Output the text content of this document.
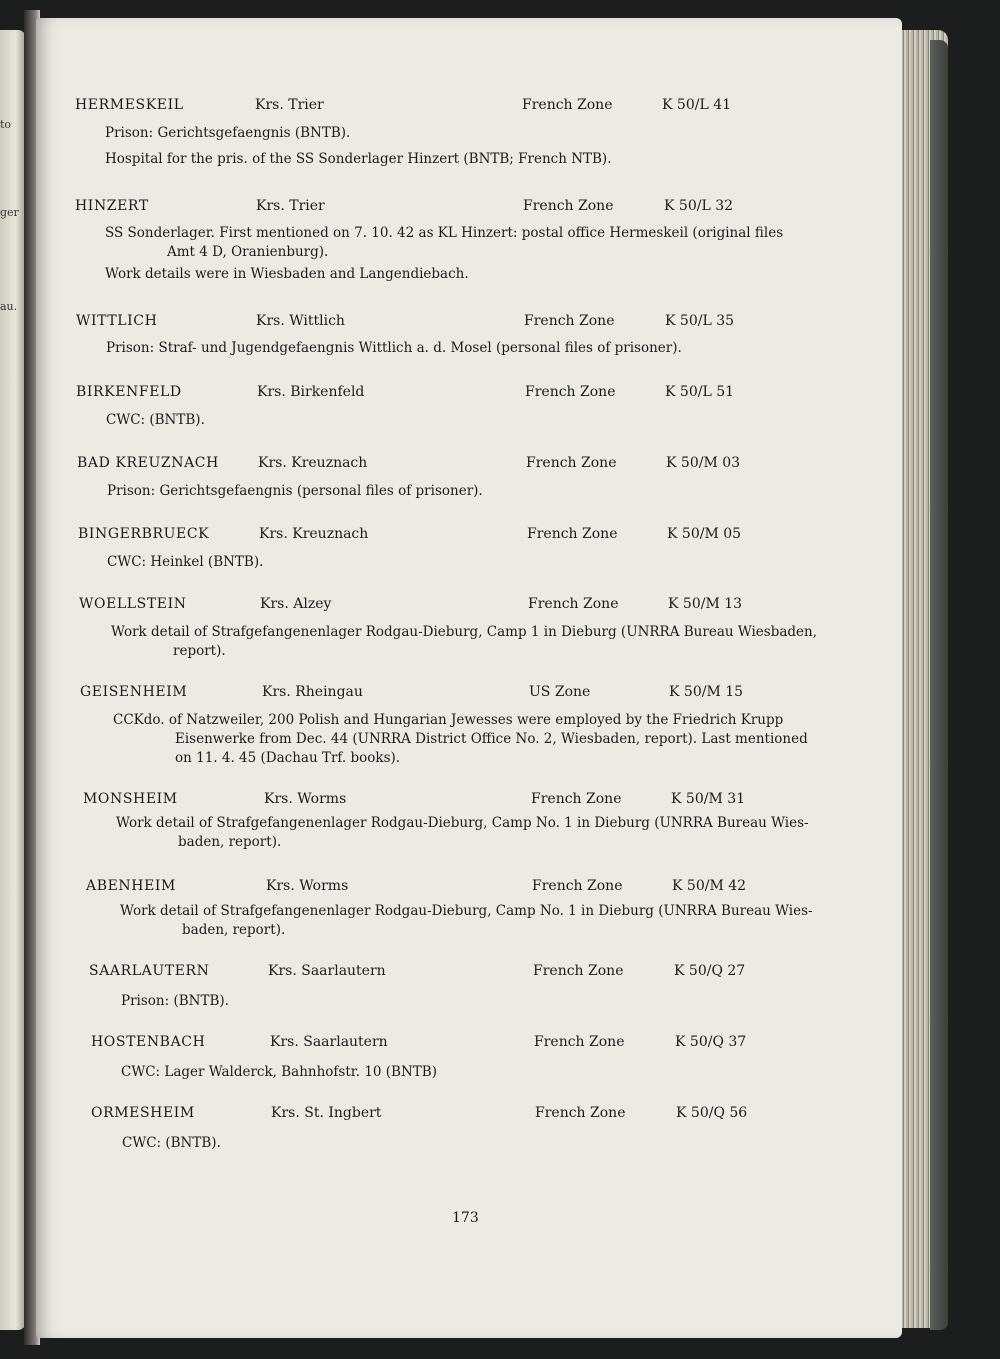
to
ger
au.
HERMESKEIL	Krs. Trier	French Zone	K 50/L 41
Prison: Gerichtsgefaengnis (BNTB).
Hospital for the pris. of the SS Sonderlager Hinzert (BNTB; French NTB).
HINZERT	Krs. Trier	French Zone	K 50/L 32
SS Sonderlager. First mentioned on 7. 10. 42 as KL Hinzert: postal office Hermeskeil (original files
Amt 4 D, Oranienburg).
Work details were in Wiesbaden and Langendiebach.
WITTLICH	Krs. Wittlich	French Zone	K 50/L 35
Prison: Straf- und Jugendgefaengnis Wittlich a. d. Mosel (personal files of prisoner).
BIRKENFELD	Krs. Birkenfeld	French Zone	K 50/L 51
CWC: (BNTB).
BAD KREUZNACH	Krs. Kreuznach	French Zone	K 50/M 03
Prison: Gerichtsgefaengnis (personal files of prisoner).
BINGERBRUECK	Krs. Kreuznach	French Zone	K 50/M 05
CWC: Heinkel (BNTB).
WOELLSTEIN	Krs. Alzey	French Zone	K 50/M 13
Work detail of Strafgefangenenlager Rodgau-Dieburg, Camp 1 in Dieburg (UNRRA Bureau Wiesbaden,
report).
GEISENHEIM	Krs. Rheingau	US Zone	K 50/M 15
CCKdo. of Natzweiler, 200 Polish and Hungarian Jewesses were employed by the Friedrich Krupp
Eisenwerke from Dec. 44 (UNRRA District Office No. 2, Wiesbaden, report). Last mentioned
on 11. 4. 45 (Dachau Trf. books).
MONSHEIM	Krs. Worms	French Zone	K 50/M 31
Work detail of Strafgefangenenlager Rodgau-Dieburg, Camp No. 1 in Dieburg (UNRRA Bureau Wies-
baden, report).
ABENHEIM	Krs. Worms	French Zone	K 50/M 42
Work detail of Strafgefangenenlager Rodgau-Dieburg, Camp No. 1 in Dieburg (UNRRA Bureau Wies-
baden, report).
SAARLAUTERN	Krs. Saarlautern	French Zone	K 50/Q 27
Prison: (BNTB).
HOSTENBACH	Krs. Saarlautern	French Zone	K 50/Q 37
CWC: Lager Walderck, Bahnhofstr. 10 (BNTB)
ORMESHEIM	Krs. St. Ingbert	French Zone	K 50/Q 56
CWC: (BNTB).
173
